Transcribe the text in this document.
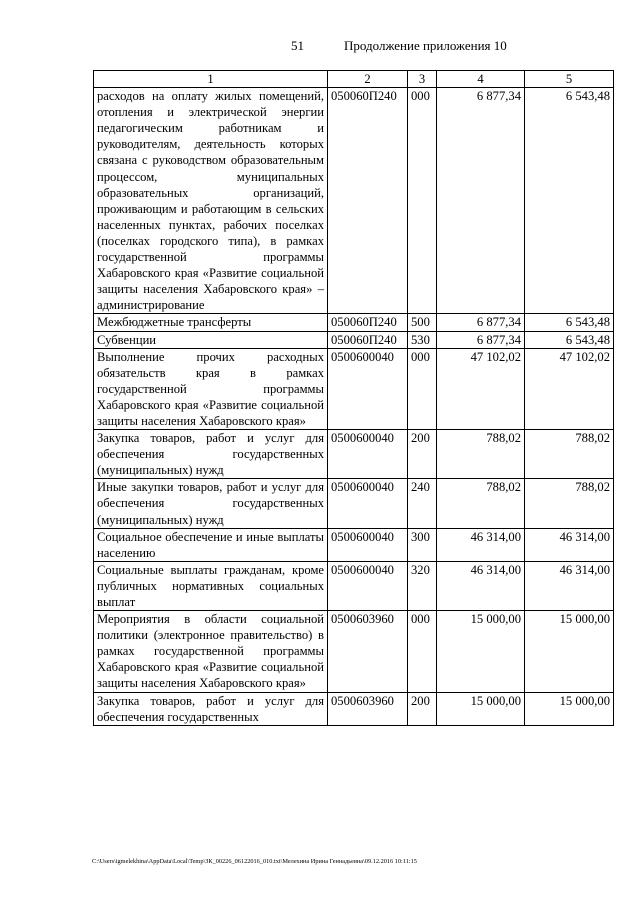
51	Продолжение приложения 10
1	2	3	4	5
расходов на оплату жилых помещений, отопления и электрической энергии педагогическим работникам и руководителям, деятельность которых связана с руководством образовательным процессом, муниципальных образовательных организаций, проживающим и работающим в сельских населенных пунктах, рабочих поселках (поселках городского типа), в рамках государственной программы Хабаровского края «Развитие социальной защиты населения Хабаровского края» – администрирование	050060П240	000	6 877,34	6 543,48
Межбюджетные трансферты	050060П240	500	6 877,34	6 543,48
Субвенции	050060П240	530	6 877,34	6 543,48
Выполнение прочих расходных обязательств края в рамках государственной программы Хабаровского края «Развитие социальной защиты населения Хабаровского края»	0500600040	000	47 102,02	47 102,02
Закупка товаров, работ и услуг для обеспечения государственных (муниципальных) нужд	0500600040	200	788,02	788,02
Иные закупки товаров, работ и услуг для обеспечения государственных (муниципальных) нужд	0500600040	240	788,02	788,02
Социальное обеспечение и иные выплаты населению	0500600040	300	46 314,00	46 314,00
Социальные выплаты гражданам, кроме публичных нормативных социальных выплат	0500600040	320	46 314,00	46 314,00
Мероприятия в области социальной политики (электронное правительство) в рамках государственной программы Хабаровского края «Развитие социальной защиты населения Хабаровского края»	0500603960	000	15 000,00	15 000,00
Закупка товаров, работ и услуг для обеспечения государственных	0500603960	200	15 000,00	15 000,00
C:\Users\igmelekhina\AppData\Local\Temp\ЗК_00226_06122016_010.txt\Мелехина Ирина Геннадьевна\09.12.2016 10:11:15
